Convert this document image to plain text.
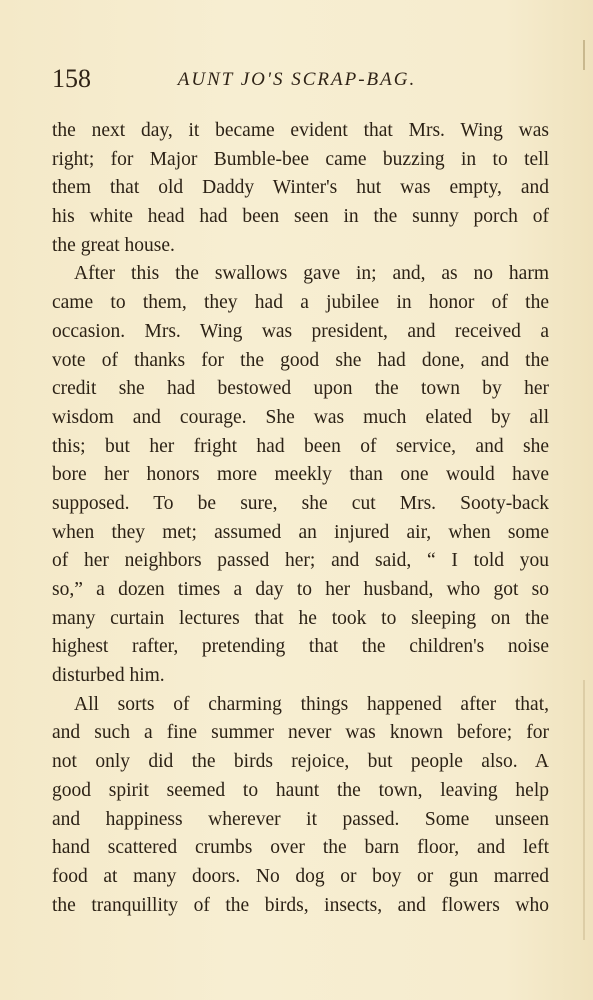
158	AUNT JO'S SCRAP-BAG.
the next day, it became evident that Mrs. Wing was
right; for Major Bumble-bee came buzzing in to tell
them that old Daddy Winter's hut was empty, and
his white head had been seen in the sunny porch of
the great house.
After this the swallows gave in; and, as no harm
came to them, they had a jubilee in honor of the
occasion. Mrs. Wing was president, and received a
vote of thanks for the good she had done, and the
credit she had bestowed upon the town by her
wisdom and courage. She was much elated by all
this; but her fright had been of service, and she
bore her honors more meekly than one would have
supposed. To be sure, she cut Mrs. Sooty-back
when they met; assumed an injured air, when some
of her neighbors passed her; and said, “ I told you
so,” a dozen times a day to her husband, who got so
many curtain lectures that he took to sleeping on the
highest rafter, pretending that the children's noise
disturbed him.
All sorts of charming things happened after that,
and such a fine summer never was known before; for
not only did the birds rejoice, but people also. A
good spirit seemed to haunt the town, leaving help
and happiness wherever it passed. Some unseen
hand scattered crumbs over the barn floor, and left
food at many doors. No dog or boy or gun marred
the tranquillity of the birds, insects, and flowers who
